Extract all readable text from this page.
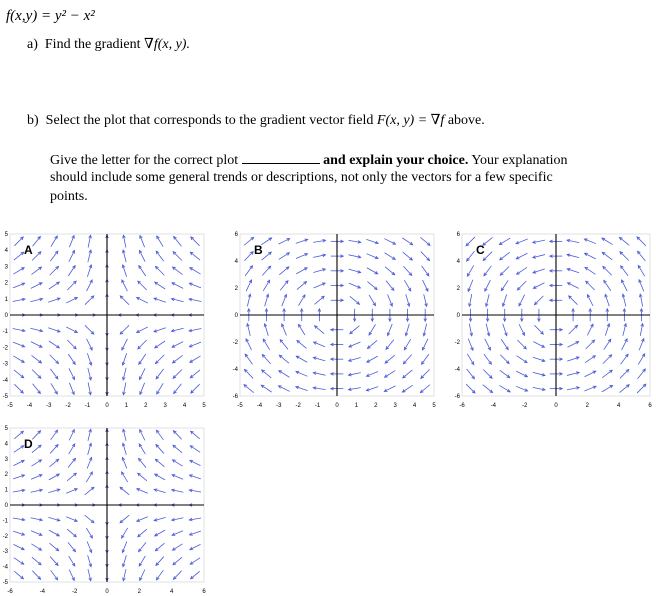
f(x,y) = y² − x²
a) Find the gradient ∇f(x, y).
b) Select the plot that corresponds to the gradient vector field F(x, y) = ∇f above.
Give the letter for the correct plot	and explain your choice. Your explanation
should include some general trends or descriptions, not only the vectors for a few specific
points.
-5 -4 -3 -2 -1	0	1	2	3	4	5
5
4
3
2
1
0
-1
-2
-3
-4
-5
A
-5 -4 -3 -2 -1	0	1	2	3	4	5
6
4
2
0
-2
-4
-6
B
-6	-4	-2	0	2	4	6
6
4
2
0
-2
-4
-6
C
-6	-4	-2	0	2	4	6
5
4
3
2
1
0
-1
-2
-3
-4
-5
D
